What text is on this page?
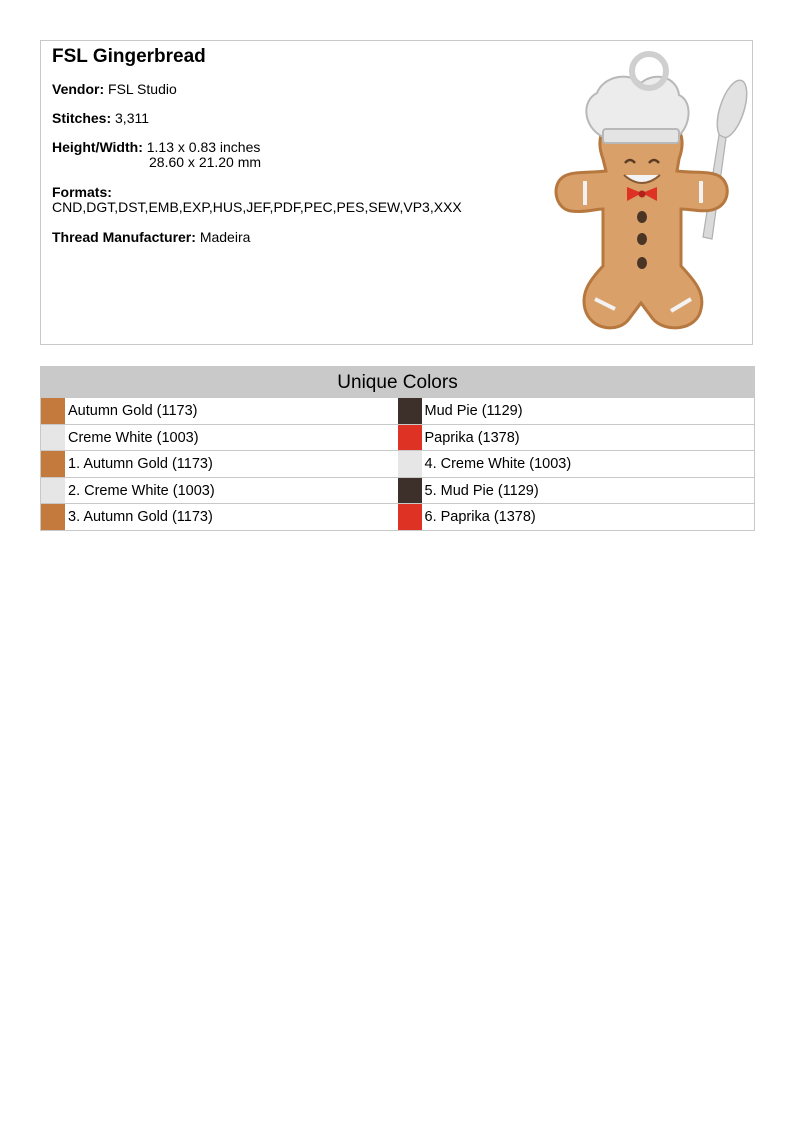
FSL Gingerbread
Vendor: FSL Studio
Stitches: 3,311
Height/Width: 1.13 x 0.83 inches
28.60 x 21.20 mm
Formats:
CND,DGT,DST,EMB,EXP,HUS,JEF,PDF,PEC,PES,SEW,VP3,XXX
Thread Manufacturer: Madeira
Unique Colors
Autumn Gold (1173)	Mud Pie (1129)
Creme White (1003)	Paprika (1378)
1. Autumn Gold (1173)	4. Creme White (1003)
2. Creme White (1003)	5. Mud Pie (1129)
3. Autumn Gold (1173)	6. Paprika (1378)
